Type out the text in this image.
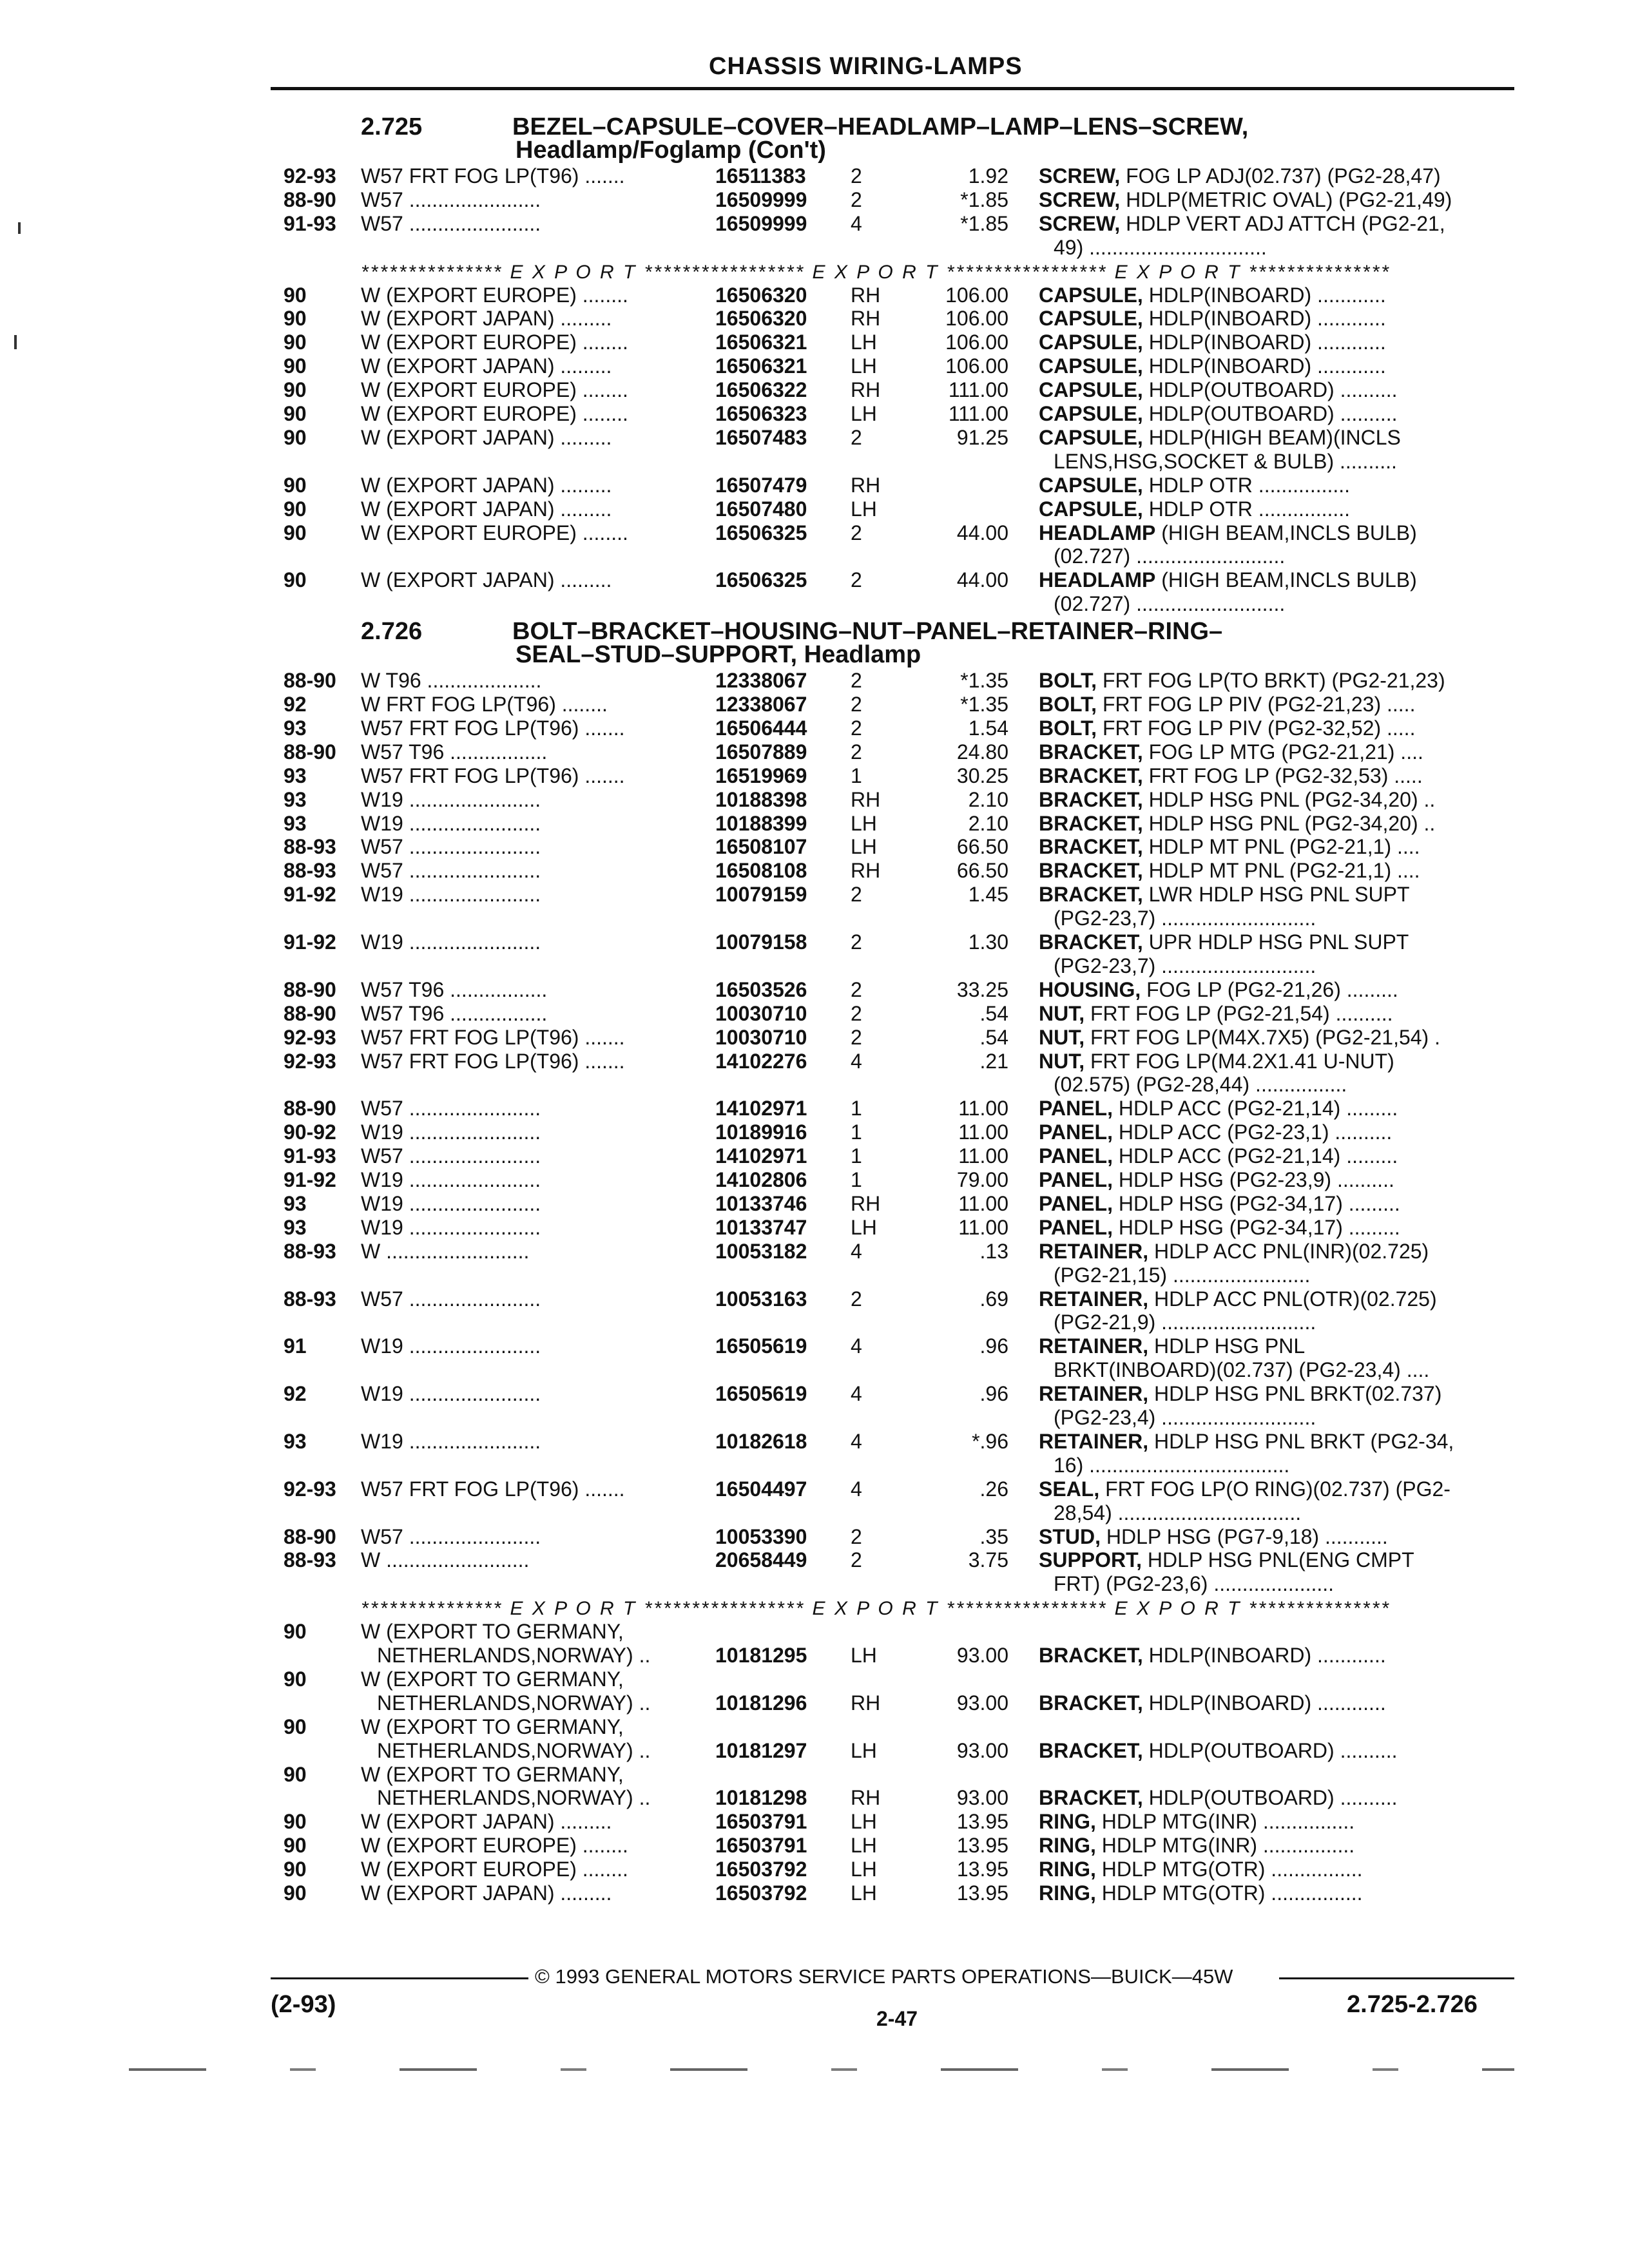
CHASSIS WIRING-LAMPS
2.725	BEZEL–CAPSULE–COVER–HEADLAMP–LAMP–LENS–SCREW,
Headlamp/Foglamp (Con't)
92-93 W57 FRT FOG LP(T96) .......	16511383 2	1.92 SCREW, FOG LP ADJ(02.737) (PG2-28,47)
88-90 W57 .......................	16509999 2	*1.85 SCREW, HDLP(METRIC OVAL) (PG2-21,49)
91-93 W57 .......................	16509999 4	*1.85 SCREW, HDLP VERT ADJ ATTCH (PG2-21,
49) ...............................
*************** E X P O R T ***************** E X P O R T ***************** E X P O R T ***************
90	W (EXPORT EUROPE) ........	16506320 RH	106.00 CAPSULE, HDLP(INBOARD) ............
90	W (EXPORT JAPAN) .........	16506320 RH	106.00 CAPSULE, HDLP(INBOARD) ............
90	W (EXPORT EUROPE) ........	16506321 LH	106.00 CAPSULE, HDLP(INBOARD) ............
90	W (EXPORT JAPAN) .........	16506321 LH	106.00 CAPSULE, HDLP(INBOARD) ............
90	W (EXPORT EUROPE) ........	16506322 RH	111.00 CAPSULE, HDLP(OUTBOARD) ..........
90	W (EXPORT EUROPE) ........	16506323 LH	111.00 CAPSULE, HDLP(OUTBOARD) ..........
90	W (EXPORT JAPAN) .........	16507483 2	91.25 CAPSULE, HDLP(HIGH BEAM)(INCLS
LENS,HSG,SOCKET & BULB) ..........
90	W (EXPORT JAPAN) .........	16507479 RH	CAPSULE, HDLP OTR ................
90	W (EXPORT JAPAN) .........	16507480 LH	CAPSULE, HDLP OTR ................
90	W (EXPORT EUROPE) ........	16506325 2	44.00 HEADLAMP (HIGH BEAM,INCLS BULB)
(02.727) ..........................
90	W (EXPORT JAPAN) .........	16506325 2	44.00 HEADLAMP (HIGH BEAM,INCLS BULB)
(02.727) ..........................
2.726	BOLT–BRACKET–HOUSING–NUT–PANEL–RETAINER–RING–
SEAL–STUD–SUPPORT, Headlamp
88-90 W T96 ....................	12338067 2	*1.35 BOLT, FRT FOG LP(TO BRKT) (PG2-21,23)
92	W FRT FOG LP(T96) ........	12338067 2	*1.35 BOLT, FRT FOG LP PIV (PG2-21,23) .....
93	W57 FRT FOG LP(T96) .......	16506444 2	1.54 BOLT, FRT FOG LP PIV (PG2-32,52) .....
88-90 W57 T96 .................	16507889 2	24.80 BRACKET, FOG LP MTG (PG2-21,21) ....
93	W57 FRT FOG LP(T96) .......	16519969 1	30.25 BRACKET, FRT FOG LP (PG2-32,53) .....
93	W19 .......................	10188398 RH	2.10 BRACKET, HDLP HSG PNL (PG2-34,20) ..
93	W19 .......................	10188399 LH	2.10 BRACKET, HDLP HSG PNL (PG2-34,20) ..
88-93 W57 .......................	16508107 LH	66.50 BRACKET, HDLP MT PNL (PG2-21,1) ....
88-93 W57 .......................	16508108 RH	66.50 BRACKET, HDLP MT PNL (PG2-21,1) ....
91-92 W19 .......................	10079159 2	1.45 BRACKET, LWR HDLP HSG PNL SUPT
(PG2-23,7) ...........................
91-92 W19 .......................	10079158 2	1.30 BRACKET, UPR HDLP HSG PNL SUPT
(PG2-23,7) ...........................
88-90 W57 T96 .................	16503526 2	33.25 HOUSING, FOG LP (PG2-21,26) .........
88-90 W57 T96 .................	10030710 2	.54 NUT, FRT FOG LP (PG2-21,54) ..........
92-93 W57 FRT FOG LP(T96) .......	10030710 2	.54 NUT, FRT FOG LP(M4X.7X5) (PG2-21,54) .
92-93 W57 FRT FOG LP(T96) .......	14102276 4	.21 NUT, FRT FOG LP(M4.2X1.41 U-NUT)
(02.575) (PG2-28,44) ................
88-90 W57 .......................	14102971 1	11.00 PANEL, HDLP ACC (PG2-21,14) .........
90-92 W19 .......................	10189916 1	11.00 PANEL, HDLP ACC (PG2-23,1) ..........
91-93 W57 .......................	14102971 1	11.00 PANEL, HDLP ACC (PG2-21,14) .........
91-92 W19 .......................	14102806 1	79.00 PANEL, HDLP HSG (PG2-23,9) ..........
93	W19 .......................	10133746 RH	11.00 PANEL, HDLP HSG (PG2-34,17) .........
93	W19 .......................	10133747 LH	11.00 PANEL, HDLP HSG (PG2-34,17) .........
88-93 W .........................	10053182 4	.13 RETAINER, HDLP ACC PNL(INR)(02.725)
(PG2-21,15) ........................
88-93 W57 .......................	10053163 2	.69 RETAINER, HDLP ACC PNL(OTR)(02.725)
(PG2-21,9) ...........................
91	W19 .......................	16505619 4	.96 RETAINER, HDLP HSG PNL
BRKT(INBOARD)(02.737) (PG2-23,4) ....
92	W19 .......................	16505619 4	.96 RETAINER, HDLP HSG PNL BRKT(02.737)
(PG2-23,4) ...........................
93	W19 .......................	10182618 4	*.96 RETAINER, HDLP HSG PNL BRKT (PG2-34,
16) ...................................
92-93 W57 FRT FOG LP(T96) .......	16504497 4	.26 SEAL, FRT FOG LP(O RING)(02.737) (PG2-
28,54) ................................
88-90 W57 .......................	10053390 2	.35 STUD, HDLP HSG (PG7-9,18) ...........
88-93 W .........................	20658449 2	3.75 SUPPORT, HDLP HSG PNL(ENG CMPT
FRT) (PG2-23,6) .....................
*************** E X P O R T ***************** E X P O R T ***************** E X P O R T ***************
90	W (EXPORT TO GERMANY,
NETHERLANDS,NORWAY) ..	10181295 LH	93.00 BRACKET, HDLP(INBOARD) ............
90	W (EXPORT TO GERMANY,
NETHERLANDS,NORWAY) ..	10181296 RH	93.00 BRACKET, HDLP(INBOARD) ............
90	W (EXPORT TO GERMANY,
NETHERLANDS,NORWAY) ..	10181297 LH	93.00 BRACKET, HDLP(OUTBOARD) ..........
90	W (EXPORT TO GERMANY,
NETHERLANDS,NORWAY) ..	10181298 RH	93.00 BRACKET, HDLP(OUTBOARD) ..........
90	W (EXPORT JAPAN) .........	16503791 LH	13.95 RING, HDLP MTG(INR) ................
90	W (EXPORT EUROPE) ........	16503791 LH	13.95 RING, HDLP MTG(INR) ................
90	W (EXPORT EUROPE) ........	16503792 LH	13.95 RING, HDLP MTG(OTR) ................
90	W (EXPORT JAPAN) .........	16503792 LH	13.95 RING, HDLP MTG(OTR) ................
© 1993 GENERAL MOTORS SERVICE PARTS OPERATIONS—BUICK—45W
(2-93)
2-47
2.725-2.726
